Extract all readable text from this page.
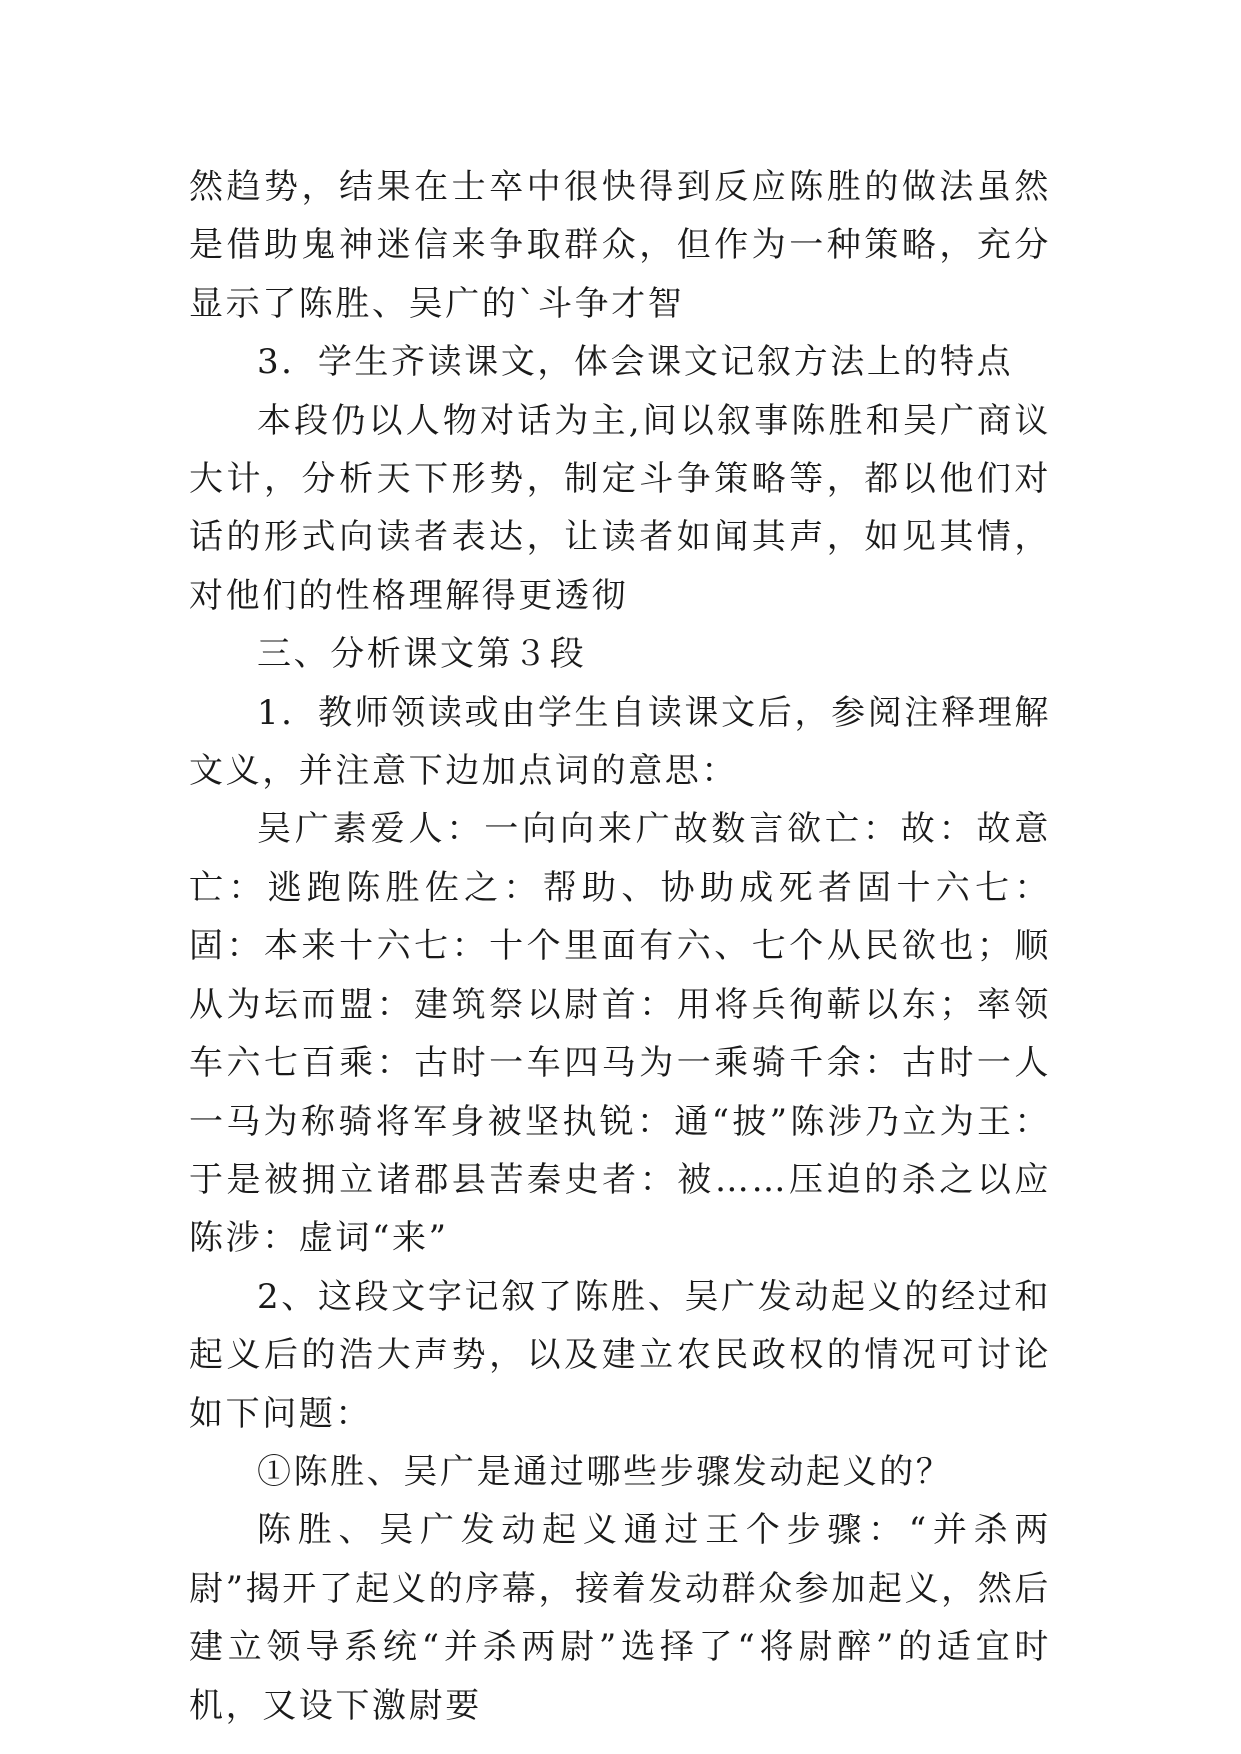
然趋势，结果在士卒中很快得到反应陈胜的做法虽然是借助鬼神迷信来争取群众，但作为一种策略，充分显示了陈胜、吴广的`斗争才智

3．学生齐读课文，体会课文记叙方法上的特点

本段仍以人物对话为主,间以叙事陈胜和吴广商议大计，分析天下形势，制定斗争策略等，都以他们对话的形式向读者表达，让读者如闻其声，如见其情，对他们的性格理解得更透彻

三、分析课文第３段

1．教师领读或由学生自读课文后，参阅注释理解文义，并注意下边加点词的意思：

吴广素爱人：一向向来广故数言欲亡：故：故意亡：逃跑陈胜佐之：帮助、协助成死者固十六七：固：本来十六七：十个里面有六、七个从民欲也；顺从为坛而盟：建筑祭以尉首：用将兵徇蕲以东；率领车六七百乘：古时一车四马为一乘骑千余：古时一人一马为称骑将军身被坚执锐：通“披”陈涉乃立为王：于是被拥立诸郡县苦秦史者：被……压迫的杀之以应陈涉：虚词“来”

2、这段文字记叙了陈胜、吴广发动起义的经过和起义后的浩大声势，以及建立农民政权的情况可讨论如下问题：

①陈胜、吴广是通过哪些步骤发动起义的？

陈胜、吴广发动起义通过王个步骤：“并杀两尉”揭开了起义的序幕，接着发动群众参加起义，然后建立领导系统“并杀两尉”选择了“将尉醉”的适宜时机，又设下激尉要
